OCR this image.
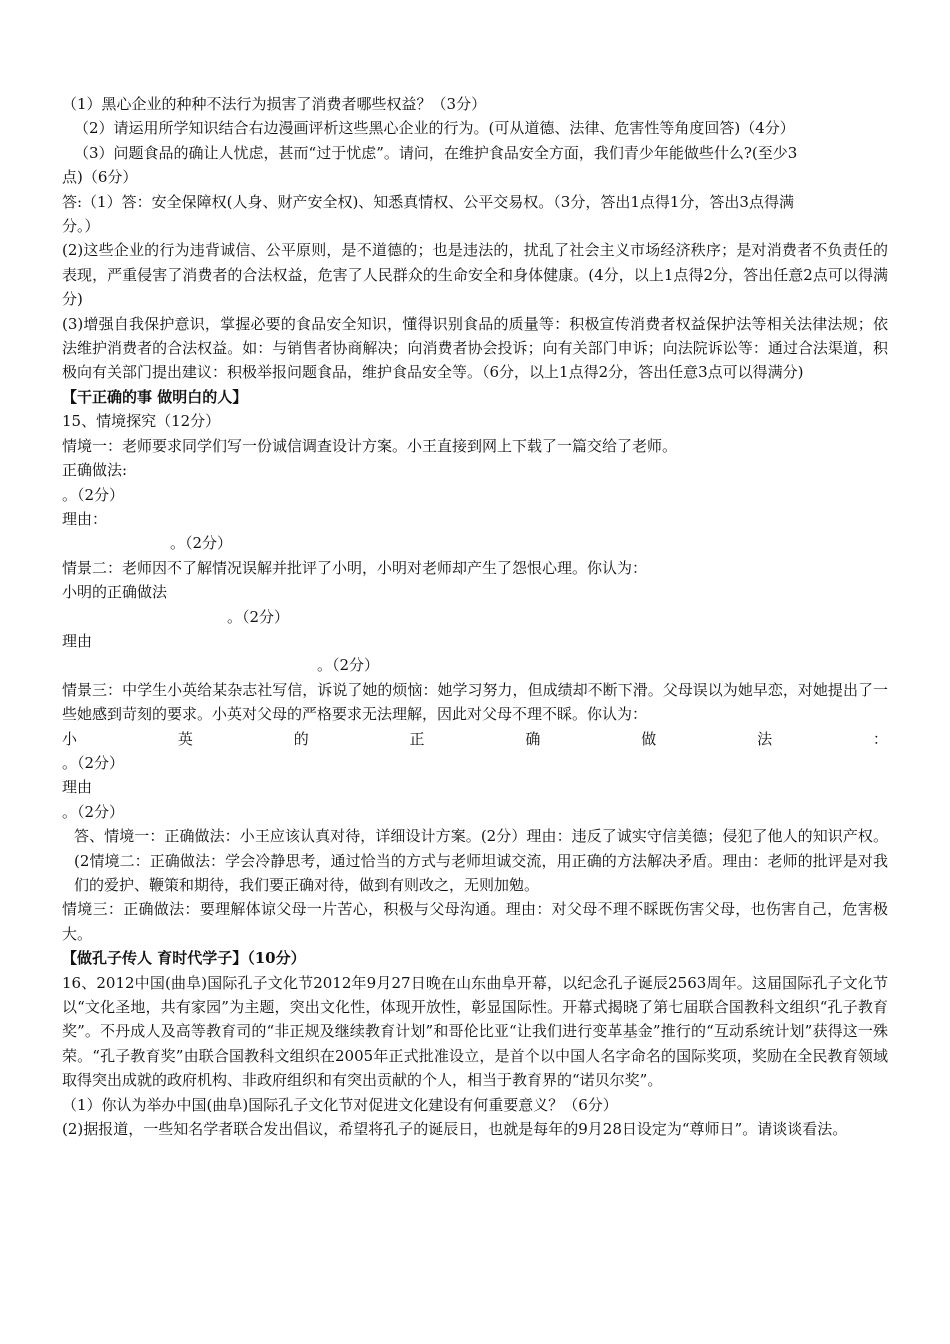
（1）黑心企业的种种不法行为损害了消费者哪些权益？（3分）
（2）请运用所学知识结合右边漫画评析这些黑心企业的行为。(可从道德、法律、危害性等角度回答)（4分）
（3）问题食品的确让人忧虑，甚而“过于忧虑”。请问，在维护食品安全方面，我们青少年能做些什么?(至少3
点)（6分）
答:（1）答：安全保障权(人身、财产安全权)、知悉真情权、公平交易权。（3分，答出1点得1分，答出3点得满
分。）
(2)这些企业的行为违背诚信、公平原则，是不道德的；也是违法的，扰乱了社会主义市场经济秩序；是对消费者不负责任的表现，严重侵害了消费者的合法权益，危害了人民群众的生命安全和身体健康。(4分，以上1点得2分，答出任意2点可以得满分)
(3)增强自我保护意识，掌握必要的食品安全知识，懂得识别食品的质量等：积极宣传消费者权益保护法等相关法律法规；依法维护消费者的合法权益。如：与销售者协商解决；向消费者协会投诉；向有关部门申诉；向法院诉讼等：通过合法渠道，积极向有关部门提出建议：积极举报问题食品，维护食品安全等。（6分，以上1点得2分，答出任意3点可以得满分)
【干正确的事 做明白的人】
15、情境探究（12分）
情境一：老师要求同学们写一份诚信调查设计方案。小王直接到网上下载了一篇交给了老师。
正确做法:
。（2分）
理由：
。（2分）
情景二：老师因不了解情况误解并批评了小明，小明对老师却产生了怨恨心理。你认为：
小明的正确做法
。（2分）
理由
。（2分）
情景三：中学生小英给某杂志社写信，诉说了她的烦恼：她学习努力，但成绩却不断下滑。父母误以为她早恋，对她提出了一些她感到苛刻的要求。小英对父母的严格要求无法理解，因此对父母不理不睬。你认为：
小	英	的	正	确	做	法	：
。（2分）
理由
。（2分）
答、情境一：正确做法：小王应该认真对待，详细设计方案。(2分）理由：违反了诚实守信美德；侵犯了他人的知识产权。(2情境二：正确做法：学会冷静思考，通过恰当的方式与老师坦诚交流，用正确的方法解决矛盾。理由：老师的批评是对我们的爱护、鞭策和期待，我们要正确对待，做到有则改之，无则加勉。
情境三：正确做法：要理解体谅父母一片苦心，积极与父母沟通。理由：对父母不理不睬既伤害父母，也伤害自己，危害极大。
【做孔子传人 育时代学子】（10分）
16、2012中国(曲阜)国际孔子文化节2012年9月27日晚在山东曲阜开幕，以纪念孔子诞辰2563周年。这届国际孔子文化节以“文化圣地，共有家园”为主题，突出文化性，体现开放性，彰显国际性。开幕式揭晓了第七届联合国教科文组织“孔子教育奖”。不丹成人及高等教育司的“非正规及继续教育计划”和哥伦比亚“让我们进行变革基金”推行的“互动系统计划”获得这一殊荣。“孔子教育奖”由联合国教科文组织在2005年正式批准设立，是首个以中国人名字命名的国际奖项，奖励在全民教育领域取得突出成就的政府机构、非政府组织和有突出贡献的个人，相当于教育界的“诺贝尔奖”。
（1）你认为举办中国(曲阜)国际孔子文化节对促进文化建设有何重要意义？（6分）
(2)据报道，一些知名学者联合发出倡议，希望将孔子的诞辰日，也就是每年的9月28日设定为“尊师日”。请谈谈看法。
